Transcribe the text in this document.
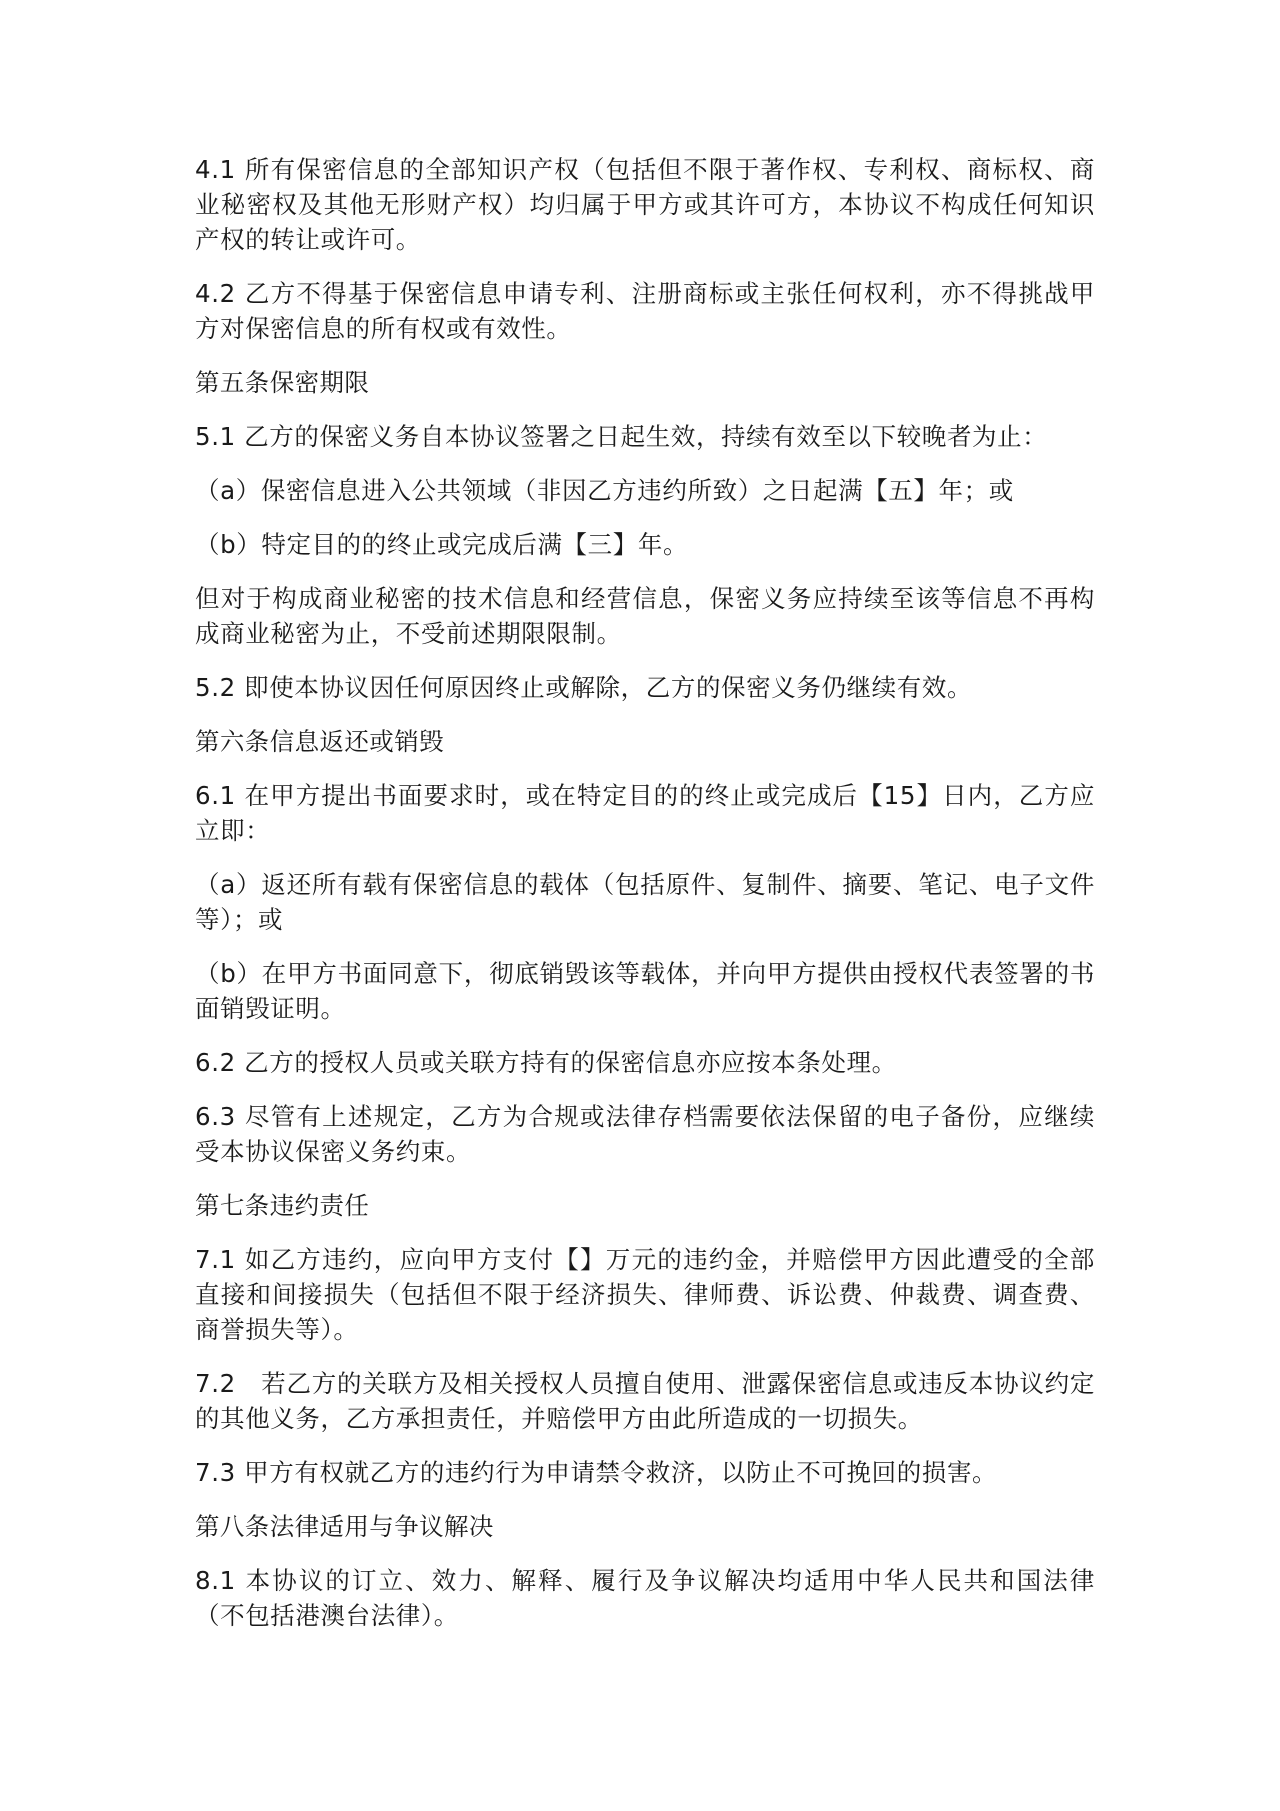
4.1 所有保密信息的全部知识产权（包括但不限于著作权、专利权、商标权、商业秘密权及其他无形财产权）均归属于甲方或其许可方，本协议不构成任何知识产权的转让或许可。

4.2 乙方不得基于保密信息申请专利、注册商标或主张任何权利，亦不得挑战甲方对保密信息的所有权或有效性。

第五条保密期限

5.1 乙方的保密义务自本协议签署之日起生效，持续有效至以下较晚者为止：

（a）保密信息进入公共领域（非因乙方违约所致）之日起满【五】年；或

（b）特定目的的终止或完成后满【三】年。

但对于构成商业秘密的技术信息和经营信息，保密义务应持续至该等信息不再构成商业秘密为止，不受前述期限限制。

5.2 即使本协议因任何原因终止或解除，乙方的保密义务仍继续有效。

第六条信息返还或销毁

6.1 在甲方提出书面要求时，或在特定目的的终止或完成后【15】日内，乙方应立即：

（a）返还所有载有保密信息的载体（包括原件、复制件、摘要、笔记、电子文件等）；或

（b）在甲方书面同意下，彻底销毁该等载体，并向甲方提供由授权代表签署的书面销毁证明。

6.2 乙方的授权人员或关联方持有的保密信息亦应按本条处理。

6.3 尽管有上述规定，乙方为合规或法律存档需要依法保留的电子备份，应继续受本协议保密义务约束。

第七条违约责任

7.1 如乙方违约，应向甲方支付【】万元的违约金，并赔偿甲方因此遭受的全部直接和间接损失（包括但不限于经济损失、律师费、诉讼费、仲裁费、调查费、商誉损失等）。

7.2　若乙方的关联方及相关授权人员擅自使用、泄露保密信息或违反本协议约定的其他义务，乙方承担责任，并赔偿甲方由此所造成的一切损失。

7.3 甲方有权就乙方的违约行为申请禁令救济，以防止不可挽回的损害。

第八条法律适用与争议解决

8.1 本协议的订立、效力、解释、履行及争议解决均适用中华人民共和国法律（不包括港澳台法律）。
